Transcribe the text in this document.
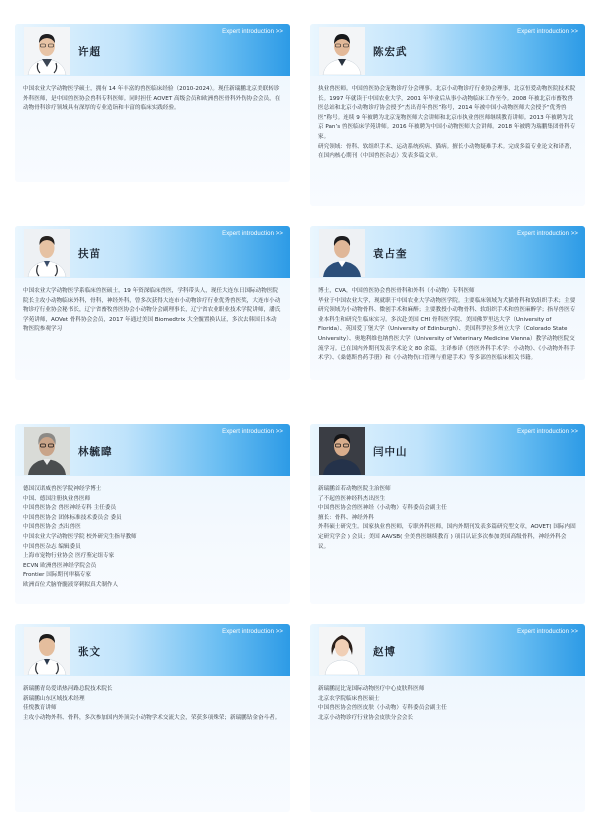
Expert introduction >>
许超

中国农业大学动物医学硕士，拥有 14 年丰富的兽医临床经验（2010-2024）。现任新瑞鹏北京美联转诊外科医师，是中国兽医协会兽科专科医师。同时担任 AOVET 高级会员和欧洲兽医骨科外伤协会会员，在动物骨科诊疗领域具有深厚的专业造诣和丰富的临床实践经验。

Expert introduction >>
陈宏武

执业兽医师。中国兽医协会宠物诊疗分会理事。北京小动物诊疗行业协会理事，北京恒爱动物医院技术院长。1997 年就读于中国农业大学，2001 年毕业后从事小动物临床工作至今。2008 年被北京市畜牧兽医总站和北京小动物诊疗协会授予“杰出青年兽医”称号，2014 年被中国小动物医师大会授予“优秀兽医”称号。连续 9 年被聘为北京宠物医师大会讲师和北京市执业兽医师继续教育讲师。2013 年被聘为北京 Pan’s 兽医临床学苑讲师。2016 年被聘为中国小动物医师大会讲师。2018 年被聘为瑞鹏集团骨科专家。

研究领域：骨科、软组织手术、运动系统疾病、猫病。擅长小动物疑难手术。完成多篇专业论文和译著，在国内核心期刊（中国兽医杂志）发表多篇文章。

Expert introduction >>
扶苗

中国农业大学动物医学系临床兽医硕士，19 年资深临床兽医，学科带头人，现任大连东日国际动物医院院长主攻小动物临床外科，骨科，神经外科，曾多次获得大连市小动物诊疗行业优秀兽医奖，大连市小动物诊疗行业协会秘书长，辽宁省畜牧兽医协会小动物分会副理事长，辽宁省农业职业技术学院讲师，潘氏学苑讲师，AOVet 骨科协会会员，2017 年通过美国 Biomedtrix 大全髋置换认证，多次去韩国日本动物医院参观学习

Expert introduction >>
袁占奎

博士，CVA，中国兽医协会兽医骨科和外科（小动物）专科医师

毕业于中国农业大学，现就职于中国农业大学动物医学院。主要临床领域为犬猫骨科和软组织手术；主要研究领域为小动物骨科、微创手术和麻醉；主要教授小动物骨科、软组织手术和兽医麻醉学；指导兽医专业本科生和研究生临床实习。多次赴美国 CHI 骨科医学院、美国佛罗里达大学（University of Florida）、英国爱丁堡大学（University of Edinburgh）、美国科罗拉多州立大学（Colorado State University）、奥地利维也纳兽医大学（University of Veterinary Medicine Vienna）教学动物医院交流学习。已在国内外期刊发表学术论文 80 余篇，主译参译《兽医外科手术学：小动物》、《小动物外科手术学》、《桑德斯兽药手册》和《小动物伤口管理与重建手术》等多部兽医临床相关书籍。

Expert introduction >>
林毓暐

德国汉诺威兽医学院神经学博士

中国、德国注册执业兽医师

中国兽医协会 兽医神经专科 主任委员

中国兽医协会 团体标准技术委员会 委员

中国兽医协会 杰出兽医

中国农业大学动物医学院 校外研究生指导教师

中国兽医杂志 编辑委员

上海市宠物行业协会 医疗鉴定组专家

ECVN 欧洲兽医神经学院会员

Frontier 国际期刊审稿专家

欧洲首位犬脑脊髓液穿刺拟真犬制作人

Expert introduction >>
闫中山

新瑞鹏首若动物医院主治医师

了不起兽医神经科杰出医生

中国兽医协会兽医神经（小动物）专科委员会副主任

擅长：骨科、神经外科

外科硕士研究生。国家执业兽医师，专职外科医师，国内外期刊发表多篇研究型文章，AOVET( 国际内固定研究学会 ) 会员；美国 AAVSB( 全美兽医继续教育 ) 项目认证多次参加美国高级骨科，神经外科会议。

Expert introduction >>
张文

新瑞鹏青岛爱诺热河路总院技术院长

新瑞鹏山东区域技术经理

佳悦教育讲师

主攻小动物外科、骨科，多次参加国内外顶尖小动物学术交流大会，荣获多项殊荣；新瑞鹏钻金奋斗者。

Expert introduction >>
赵博

新瑞鹏昆比宠国际动物医疗中心皮肤科医师

北京农学院临床兽医硕士

中国兽医协会兽医皮肤（小动物）专科委员会副主任

北京小动物诊疗行业协会皮肤分会会长
